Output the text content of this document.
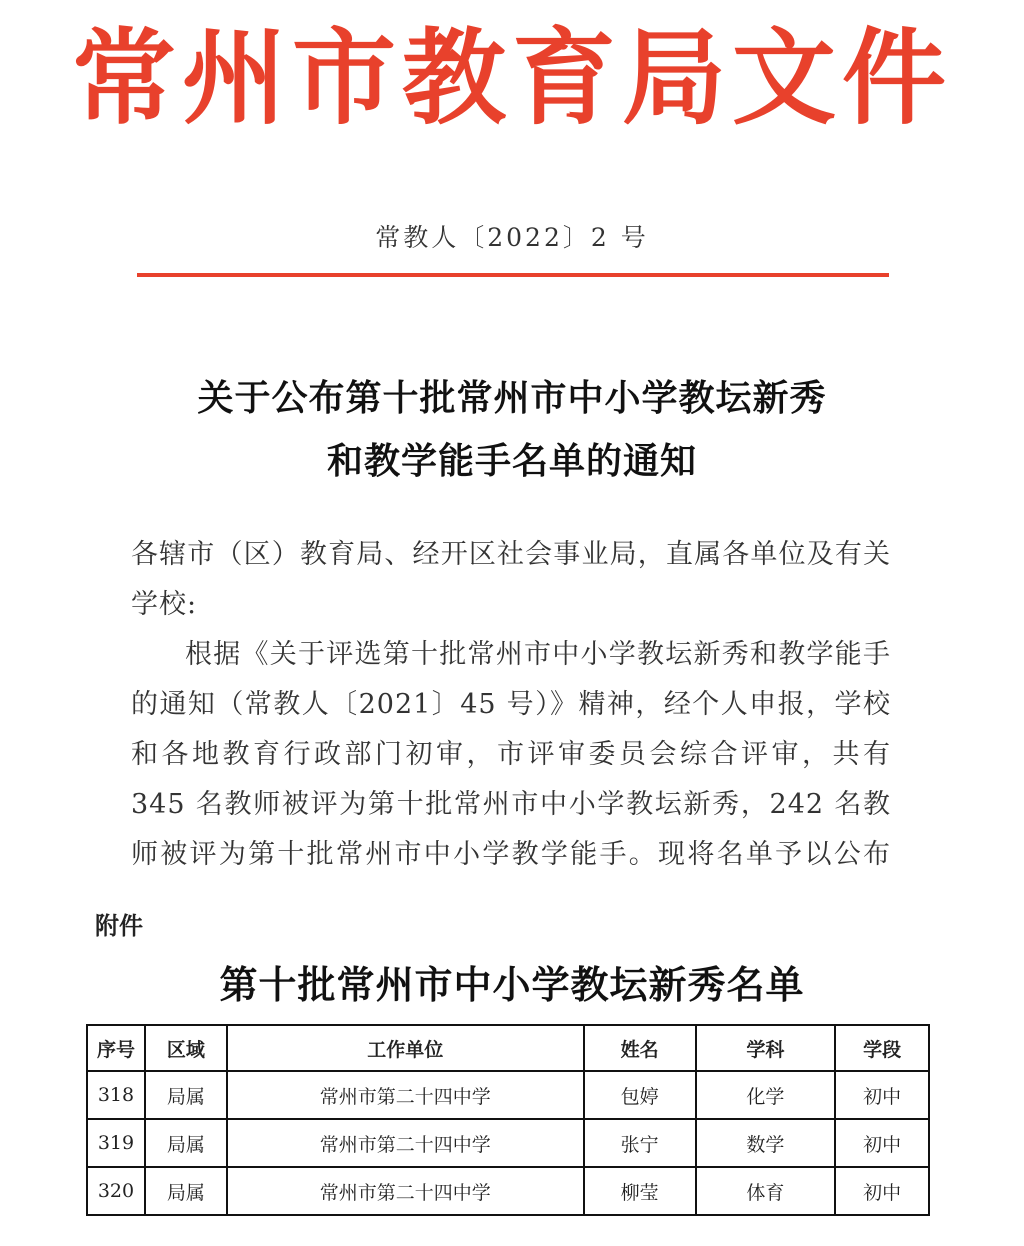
常州市教育局文件
常教人〔2022〕2 号
关于公布第十批常州市中小学教坛新秀
和教学能手名单的通知
各辖市（区）教育局、经开区社会事业局，直属各单位及有关学校:
根据《关于评选第十批常州市中小学教坛新秀和教学能手的通知（常教人〔2021〕45 号）》精神，经个人申报，学校和各地教育行政部门初审，市评审委员会综合评审，共有 345 名教师被评为第十批常州市中小学教坛新秀，242 名教师被评为第十批常州市中小学教学能手。现将名单予以公布
附件
第十批常州市中小学教坛新秀名单
序号	区域	工作单位	姓名	学科	学段
318	局属	常州市第二十四中学	包婷	化学	初中
319	局属	常州市第二十四中学	张宁	数学	初中
320	局属	常州市第二十四中学	柳莹	体育	初中
